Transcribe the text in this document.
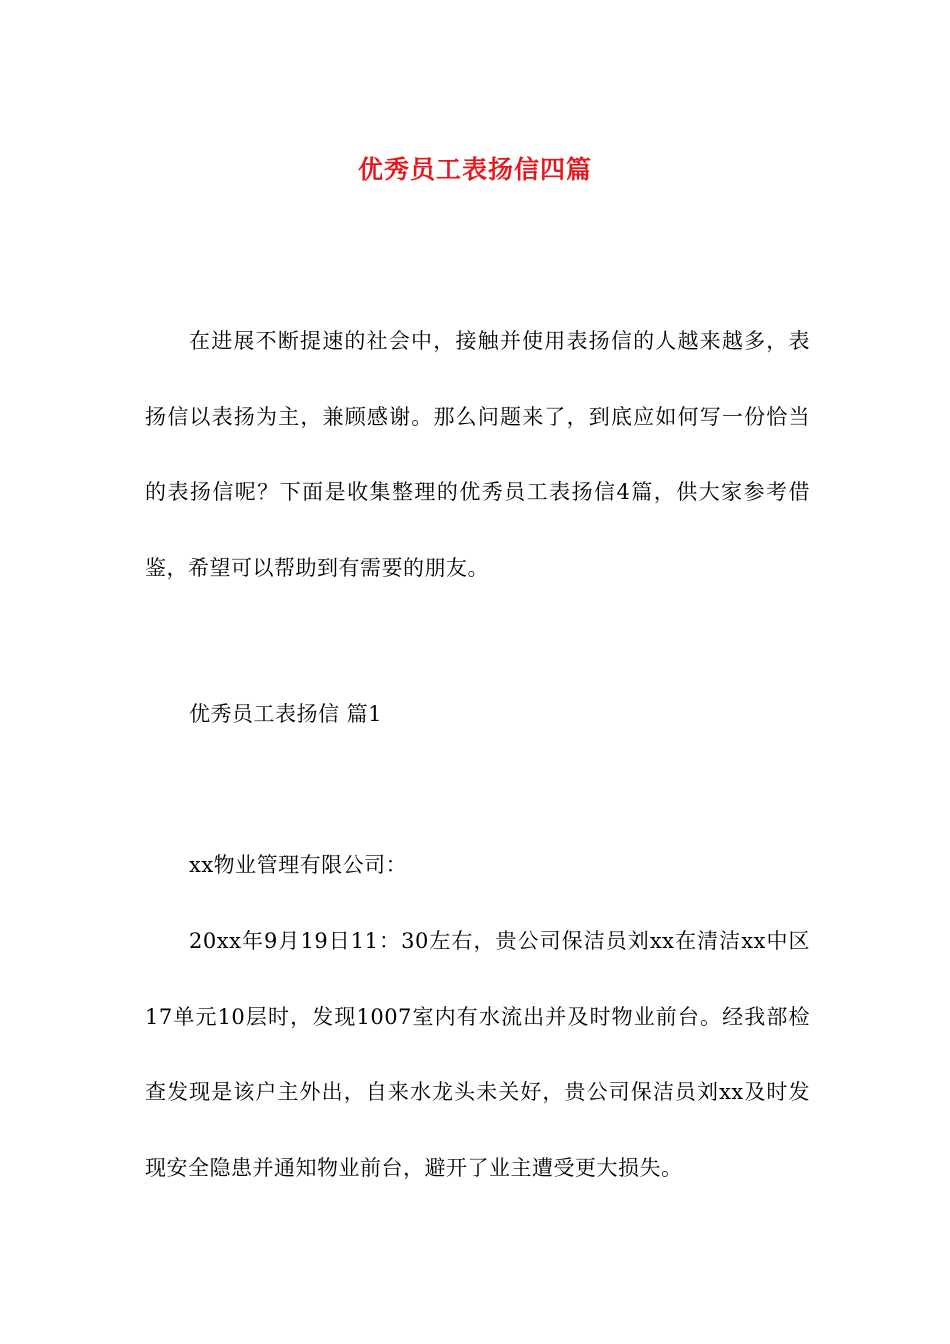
优秀员工表扬信四篇

在进展不断提速的社会中，接触并使用表扬信的人越来越多，表扬信以表扬为主，兼顾感谢。那么问题来了，到底应如何写一份恰当的表扬信呢？下面是收集整理的优秀员工表扬信4篇，供大家参考借鉴，希望可以帮助到有需要的朋友。

优秀员工表扬信 篇1

xx物业管理有限公司：

20xx年9月19日11：30左右，贵公司保洁员刘xx在清洁xx中区17单元10层时，发现1007室内有水流出并及时物业前台。经我部检查发现是该户主外出，自来水龙头未关好，贵公司保洁员刘xx及时发现安全隐患并通知物业前台，避开了业主遭受更大损失。
